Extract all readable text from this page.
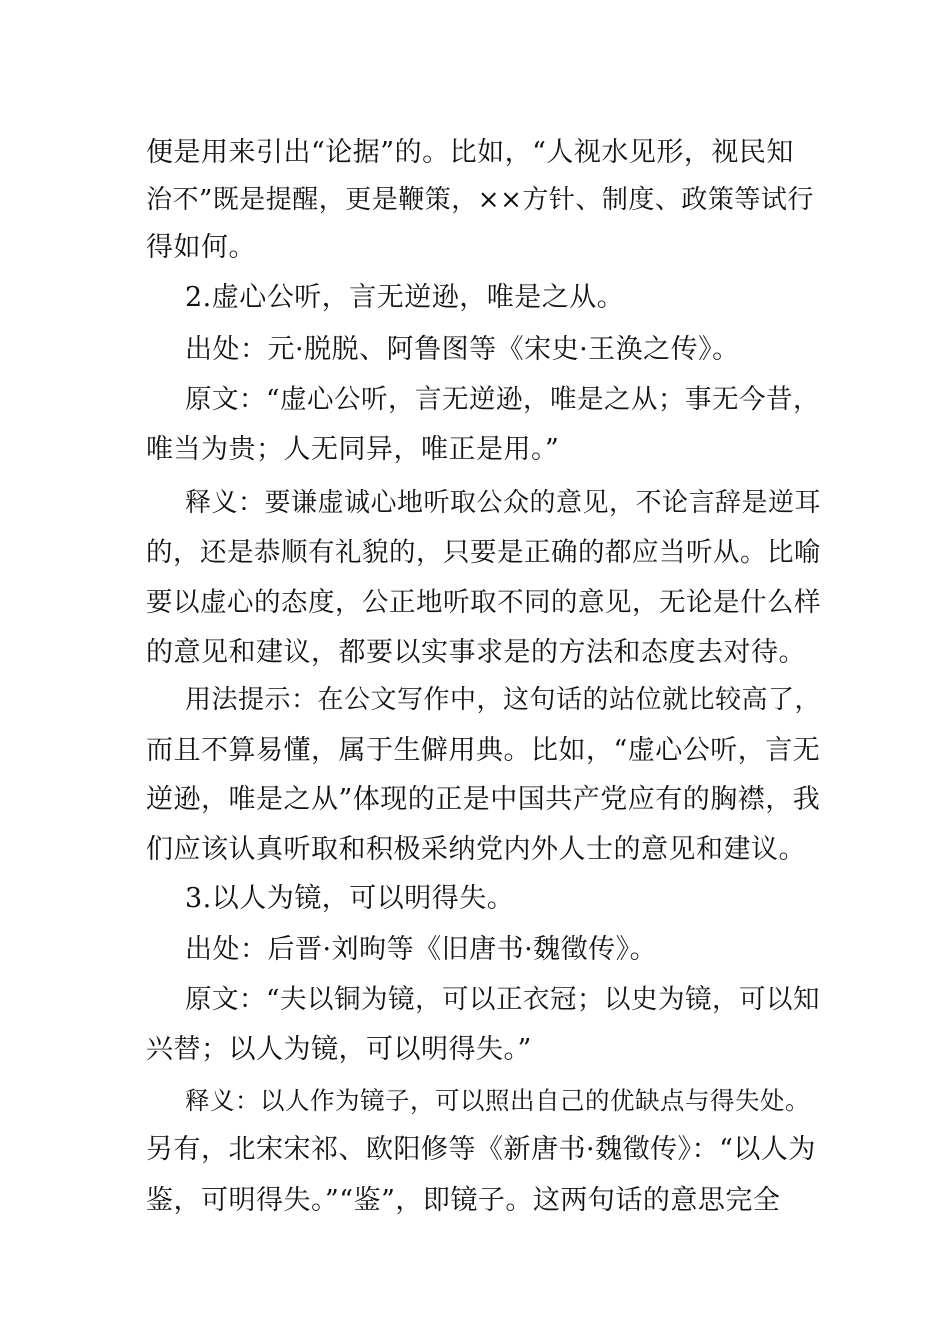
便是用来引出“论据”的。比如，“人视水见形，视民知

治不”既是提醒，更是鞭策，××方针、制度、政策等试行

得如何。

2.虚心公听，言无逆逊，唯是之从。

出处：元·脱脱、阿鲁图等《宋史·王涣之传》。

原文：“虚心公听，言无逆逊，唯是之从；事无今昔，

唯当为贵；人无同异，唯正是用。”

释义：要谦虚诚心地听取公众的意见，不论言辞是逆耳

的，还是恭顺有礼貌的，只要是正确的都应当听从。比喻

要以虚心的态度，公正地听取不同的意见，无论是什么样

的意见和建议，都要以实事求是的方法和态度去对待。

用法提示：在公文写作中，这句话的站位就比较高了，

而且不算易懂，属于生僻用典。比如，“虚心公听，言无

逆逊，唯是之从”体现的正是中国共产党应有的胸襟，我

们应该认真听取和积极采纳党内外人士的意见和建议。

3.以人为镜，可以明得失。

出处：后晋·刘昫等《旧唐书·魏徵传》。

原文：“夫以铜为镜，可以正衣冠；以史为镜，可以知

兴替；以人为镜，可以明得失。”

释义：以人作为镜子，可以照出自己的优缺点与得失处。

另有，北宋宋祁、欧阳修等《新唐书·魏徵传》：“以人为

鉴，可明得失。”“鉴”，即镜子。这两句话的意思完全
